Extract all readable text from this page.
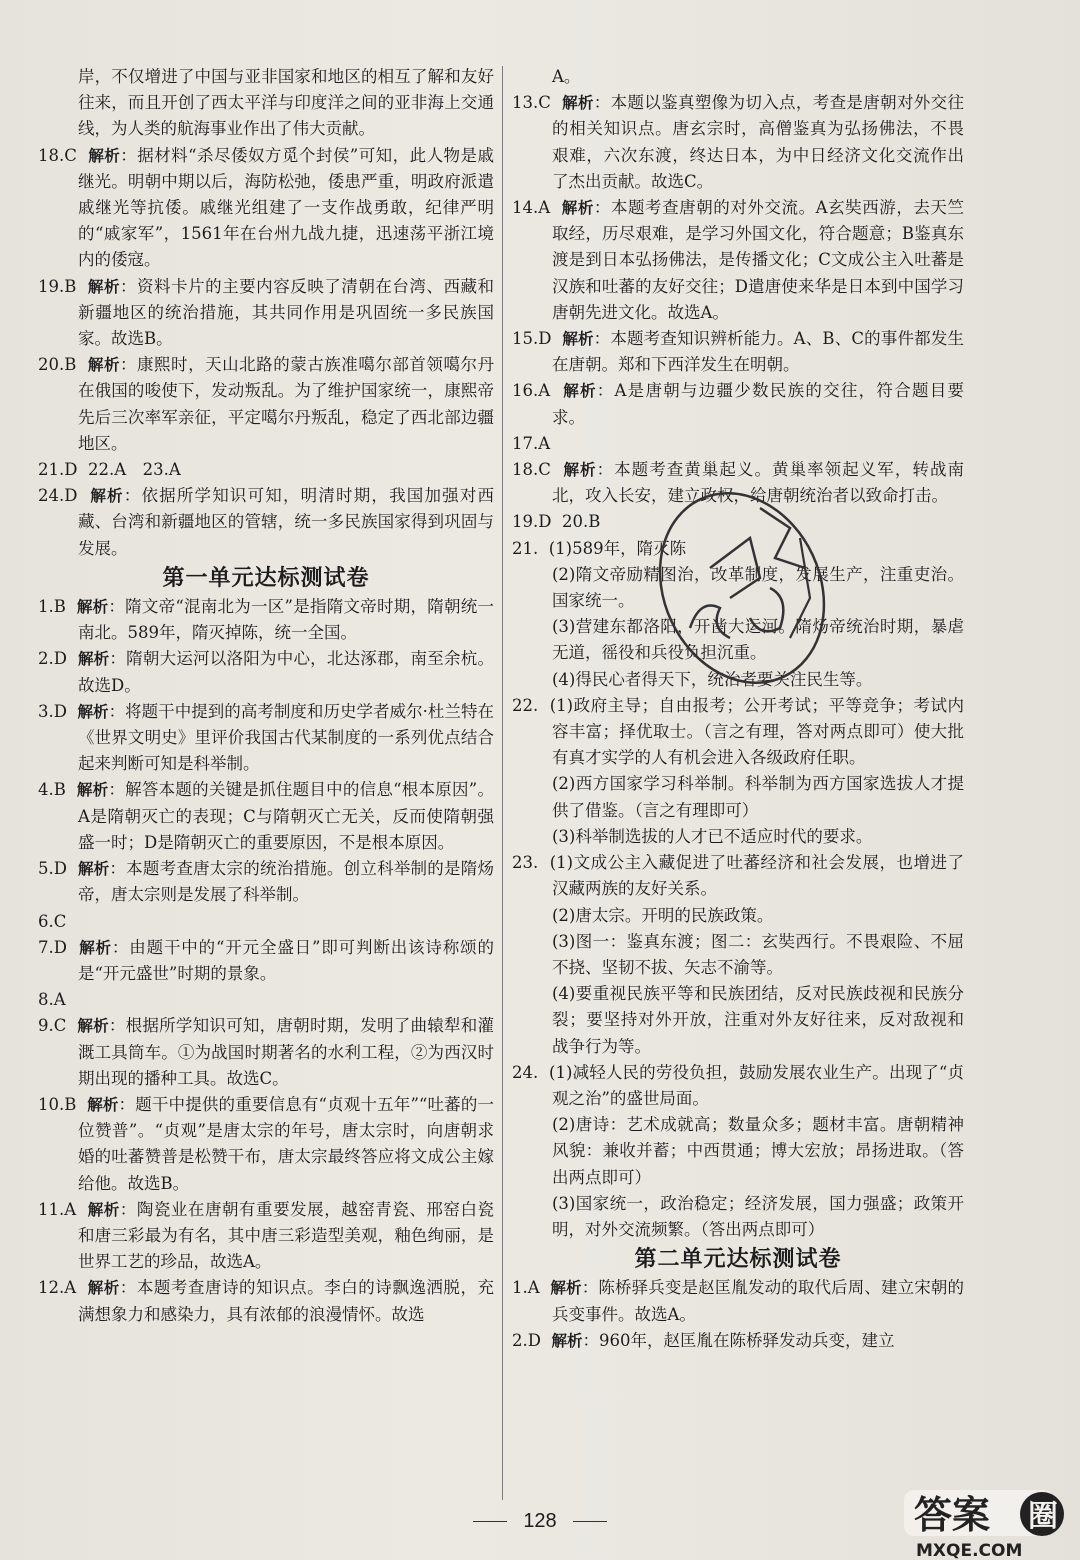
岸，不仅增进了中国与亚非国家和地区的相互了解和友好往来，而且开创了西太平洋与印度洋之间的亚非海上交通线，为人类的航海事业作出了伟大贡献。

18.C 解析：据材料“杀尽倭奴方觅个封侯”可知，此人物是戚继光。明朝中期以后，海防松弛，倭患严重，明政府派遣戚继光等抗倭。戚继光组建了一支作战勇敢，纪律严明的“戚家军”，1561年在台州九战九捷，迅速荡平浙江境内的倭寇。

19.B 解析：资料卡片的主要内容反映了清朝在台湾、西藏和新疆地区的统治措施，其共同作用是巩固统一多民族国家。故选B。

20.B 解析：康熙时，天山北路的蒙古族准噶尔部首领噶尔丹在俄国的唆使下，发动叛乱。为了维护国家统一，康熙帝先后三次率军亲征，平定噶尔丹叛乱，稳定了西北部边疆地区。

21.D 22.A　23.A

24.D 解析：依据所学知识可知，明清时期，我国加强对西藏、台湾和新疆地区的管辖，统一多民族国家得到巩固与发展。

第一单元达标测试卷

1.B 解析：隋文帝“混南北为一区”是指隋文帝时期，隋朝统一南北。589年，隋灭掉陈，统一全国。

2.D 解析：隋朝大运河以洛阳为中心，北达涿郡，南至余杭。故选D。

3.D 解析：将题干中提到的高考制度和历史学者威尔·杜兰特在《世界文明史》里评价我国古代某制度的一系列优点结合起来判断可知是科举制。

4.B 解析：解答本题的关键是抓住题目中的信息“根本原因”。A是隋朝灭亡的表现；C与隋朝灭亡无关，反而使隋朝强盛一时；D是隋朝灭亡的重要原因，不是根本原因。

5.D 解析：本题考查唐太宗的统治措施。创立科举制的是隋炀帝，唐太宗则是发展了科举制。

6.C

7.D 解析：由题干中的“开元全盛日”即可判断出该诗称颂的是“开元盛世”时期的景象。

8.A

9.C 解析：根据所学知识可知，唐朝时期，发明了曲辕犁和灌溉工具筒车。①为战国时期著名的水利工程，②为西汉时期出现的播种工具。故选C。

10.B 解析：题干中提供的重要信息有“贞观十五年”“吐蕃的一位赞普”。“贞观”是唐太宗的年号，唐太宗时，向唐朝求婚的吐蕃赞普是松赞干布，唐太宗最终答应将文成公主嫁给他。故选B。

11.A 解析：陶瓷业在唐朝有重要发展，越窑青瓷、邢窑白瓷和唐三彩最为有名，其中唐三彩造型美观，釉色绚丽，是世界工艺的珍品，故选A。

12.A 解析：本题考查唐诗的知识点。李白的诗飘逸洒脱，充满想象力和感染力，具有浓郁的浪漫情怀。故选

A。

13.C 解析：本题以鉴真塑像为切入点，考查是唐朝对外交往的相关知识点。唐玄宗时，高僧鉴真为弘扬佛法，不畏艰难，六次东渡，终达日本，为中日经济文化交流作出了杰出贡献。故选C。

14.A 解析：本题考查唐朝的对外交流。A玄奘西游，去天竺取经，历尽艰难，是学习外国文化，符合题意；B鉴真东渡是到日本弘扬佛法，是传播文化；C文成公主入吐蕃是汉族和吐蕃的友好交往；D遣唐使来华是日本到中国学习唐朝先进文化。故选A。

15.D 解析：本题考查知识辨析能力。A、B、C的事件都发生在唐朝。郑和下西洋发生在明朝。

16.A 解析：A是唐朝与边疆少数民族的交往，符合题目要求。

17.A

18.C 解析：本题考查黄巢起义。黄巢率领起义军，转战南北，攻入长安，建立政权，给唐朝统治者以致命打击。

19.D 20.B

21. (1)589年，隋灭陈

(2)隋文帝励精图治，改革制度，发展生产，注重吏治。国家统一。

(3)营建东都洛阳，开凿大运河。隋炀帝统治时期，暴虐无道，徭役和兵役负担沉重。

(4)得民心者得天下，统治者要关注民生等。

22. (1)政府主导；自由报考；公开考试；平等竞争；考试内容丰富；择优取士。（言之有理，答对两点即可）使大批有真才实学的人有机会进入各级政府任职。

(2)西方国家学习科举制。科举制为西方国家选拔人才提供了借鉴。（言之有理即可）

(3)科举制选拔的人才已不适应时代的要求。

23. (1)文成公主入藏促进了吐蕃经济和社会发展，也增进了汉藏两族的友好关系。

(2)唐太宗。开明的民族政策。

(3)图一：鉴真东渡；图二：玄奘西行。不畏艰险、不屈不挠、坚韧不拔、矢志不渝等。

(4)要重视民族平等和民族团结，反对民族歧视和民族分裂；要坚持对外开放，注重对外友好往来，反对敌视和战争行为等。

24. (1)减轻人民的劳役负担，鼓励发展农业生产。出现了“贞观之治”的盛世局面。

(2)唐诗：艺术成就高；数量众多；题材丰富。唐朝精神风貌：兼收并蓄；中西贯通；博大宏放；昂扬进取。（答出两点即可）

(3)国家统一，政治稳定；经济发展，国力强盛；政策开明，对外交流频繁。（答出两点即可）

第二单元达标测试卷

1.A 解析：陈桥驿兵变是赵匡胤发动的取代后周、建立宋朝的兵变事件。故选A。

2.D 解析：960年，赵匡胤在陈桥驿发动兵变，建立

128	答案 圈
MXQE.COM
